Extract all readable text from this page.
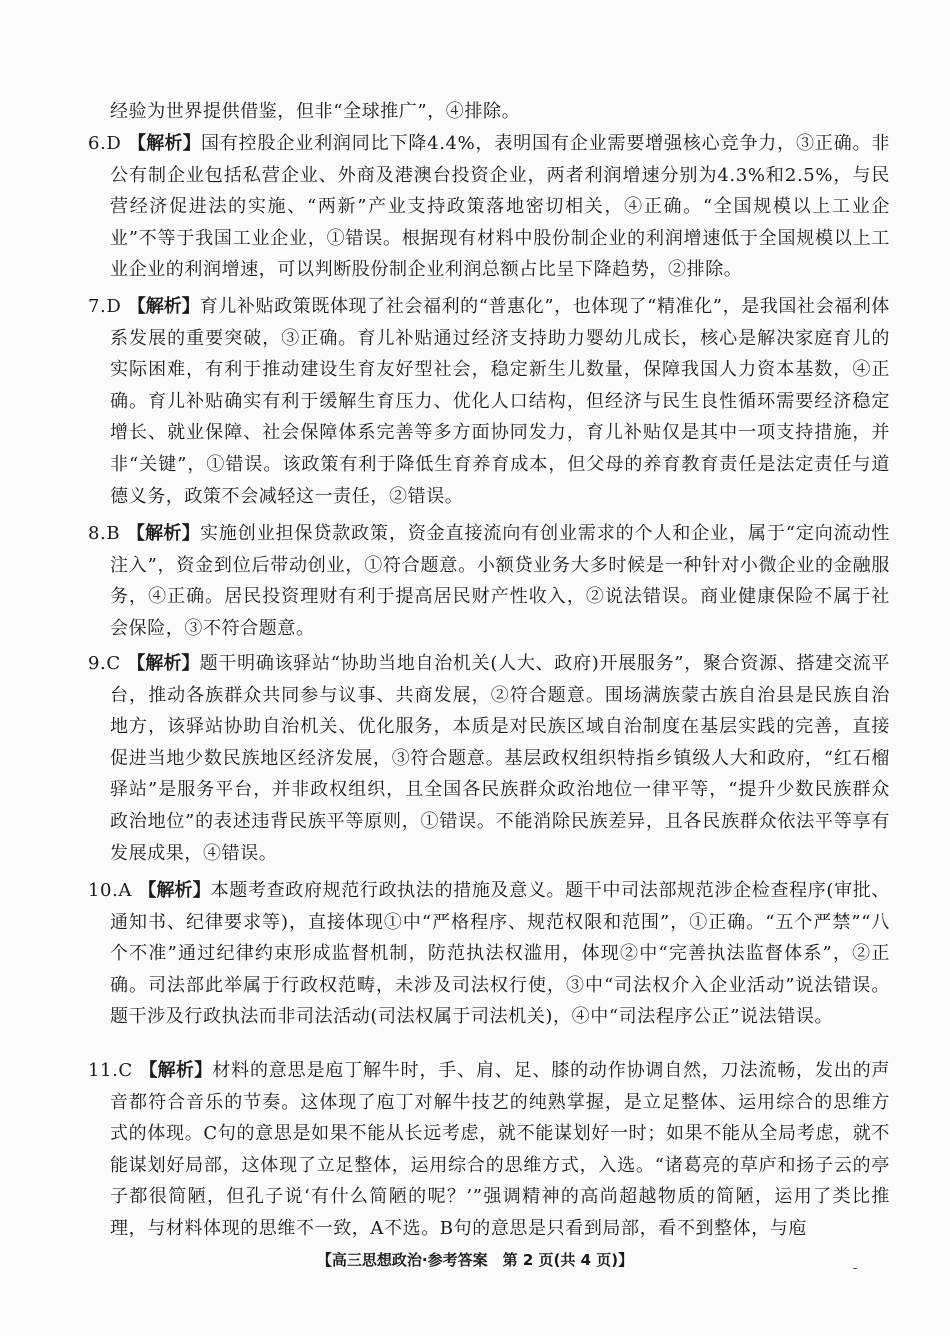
经验为世界提供借鉴，但非“全球推广”，④排除。
6.D 【解析】国有控股企业利润同比下降4.4%，表明国有企业需要增强核心竞争力，③正确。非公有制企业包括私营企业、外商及港澳台投资企业，两者利润增速分别为4.3%和2.5%，与民营经济促进法的实施、“两新”产业支持政策落地密切相关，④正确。“全国规模以上工业企业”不等于我国工业企业，①错误。根据现有材料中股份制企业的利润增速低于全国规模以上工业企业的利润增速，可以判断股份制企业利润总额占比呈下降趋势，②排除。
7.D 【解析】育儿补贴政策既体现了社会福利的“普惠化”，也体现了“精准化”，是我国社会福利体系发展的重要突破，③正确。育儿补贴通过经济支持助力婴幼儿成长，核心是解决家庭育儿的实际困难，有利于推动建设生育友好型社会，稳定新生儿数量，保障我国人力资本基数，④正确。育儿补贴确实有利于缓解生育压力、优化人口结构，但经济与民生良性循环需要经济稳定增长、就业保障、社会保障体系完善等多方面协同发力，育儿补贴仅是其中一项支持措施，并非“关键”，①错误。该政策有利于降低生育养育成本，但父母的养育教育责任是法定责任与道德义务，政策不会减轻这一责任，②错误。
8.B 【解析】实施创业担保贷款政策，资金直接流向有创业需求的个人和企业，属于“定向流动性注入”，资金到位后带动创业，①符合题意。小额贷业务大多时候是一种针对小微企业的金融服务，④正确。居民投资理财有利于提高居民财产性收入，②说法错误。商业健康保险不属于社会保险，③不符合题意。
9.C 【解析】题干明确该驿站“协助当地自治机关(人大、政府)开展服务”，聚合资源、搭建交流平台，推动各族群众共同参与议事、共商发展，②符合题意。围场满族蒙古族自治县是民族自治地方，该驿站协助自治机关、优化服务，本质是对民族区域自治制度在基层实践的完善，直接促进当地少数民族地区经济发展，③符合题意。基层政权组织特指乡镇级人大和政府，“红石榴驿站”是服务平台，并非政权组织，且全国各民族群众政治地位一律平等，“提升少数民族群众政治地位”的表述违背民族平等原则，①错误。不能消除民族差异，且各民族群众依法平等享有发展成果，④错误。
10.A 【解析】本题考查政府规范行政执法的措施及意义。题干中司法部规范涉企检查程序(审批、通知书、纪律要求等)，直接体现①中“严格程序、规范权限和范围”，①正确。“五个严禁”“八个不准”通过纪律约束形成监督机制，防范执法权滥用，体现②中“完善执法监督体系”，②正确。司法部此举属于行政权范畴，未涉及司法权行使，③中“司法权介入企业活动”说法错误。题干涉及行政执法而非司法活动(司法权属于司法机关)，④中“司法程序公正”说法错误。
11.C 【解析】材料的意思是庖丁解牛时，手、肩、足、膝的动作协调自然，刀法流畅，发出的声音都符合音乐的节奏。这体现了庖丁对解牛技艺的纯熟掌握，是立足整体、运用综合的思维方式的体现。C句的意思是如果不能从长远考虑，就不能谋划好一时；如果不能从全局考虑，就不能谋划好局部，这体现了立足整体，运用综合的思维方式，入选。“诸葛亮的草庐和扬子云的亭子都很简陋，但孔子说‘有什么简陋的呢？’”强调精神的高尚超越物质的简陋，运用了类比推理，与材料体现的思维不一致，A不选。B句的意思是只看到局部，看不到整体，与庖
【高三思想政治·参考答案　第 2 页(共 4 页)】	ˍ
